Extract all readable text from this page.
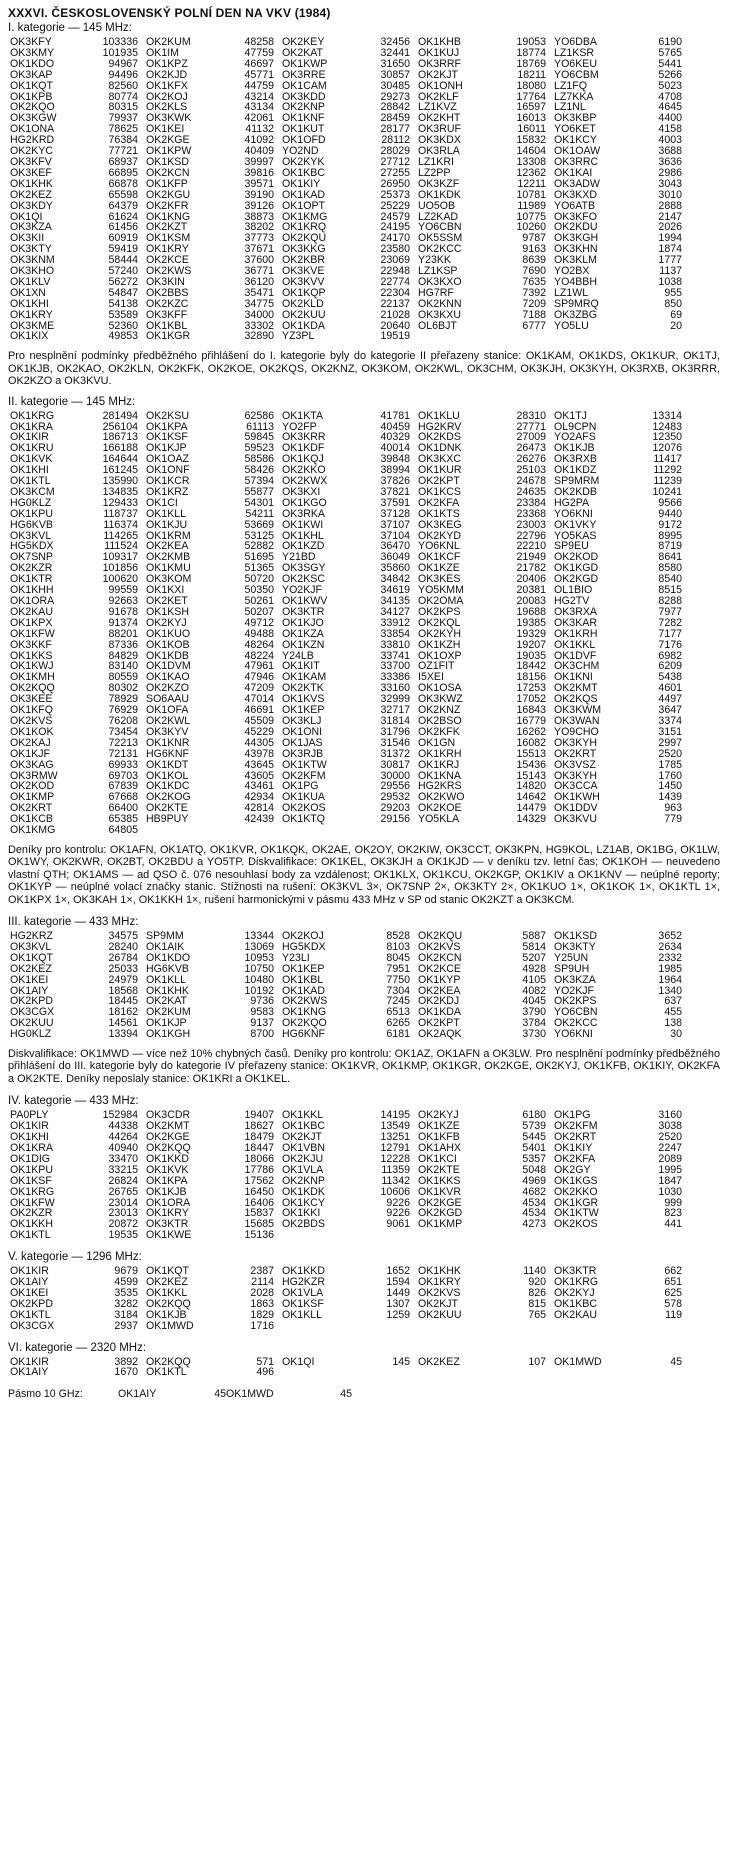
XXXVI. ČESKOSLOVENSKÝ POLNÍ DEN NA VKV (1984)
I. kategorie — 145 MHz:
OK3KFY	103336 OK2KUM	48258 OK2KEY	32456 OK1KHB	19053 YO6DBA	6190
OK3KMY	101935 OK1IM	47759 OK2KAT	32441 OK1KUJ	18774 LZ1KSR	5765
OK1KDO	94967 OK1KPZ	46697 OK1KWP	31650 OK3RRF	18769 YO6KEU	5441
OK3KAP	94496 OK2KJD	45771 OK3RRE	30857 OK2KJT	18211 YO6CBM	5266
OK1KQT	82560 OK1KFX	44759 OK1CAM	30485 OK1ONH	18080 LZ1FQ	5023
OK1KPB	80774 OK2KOJ	43214 OK3KDD	29273 OK2KLF	17764 LZ7KKA	4708
OK2KQO	80315 OK2KLS	43134 OK2KNP	28842 LZ1KVZ	16597 LZ1NL	4645
OK3KGW	79937 OK3KWK	42061 OK1KNF	28459 OK2KHT	16013 OK3KBP	4400
OK1ONA	78625 OK1KEI	41132 OK1KUT	28177 OK3RUF	16011 YO6KET	4158
HG2KRD	76384 OK2KGE	41092 OK1OFD	28112 OK3KDX	15832 OK1KCY	4003
OK2KYC	77721 OK1KPW	40409 YO2ND	28029 OK3RLA	14604 OK1OAW	3688
OK3KFV	68937 OK1KSD	39997 OK2KYK	27712 LZ1KRI	13308 OK3RRC	3636
OK3KEF	66895 OK2KCN	39816 OK1KBC	27255 LZ2PP	12362 OK1KAI	2986
OK1KHK	66878 OK1KFP	39571 OK1KIY	26950 OK3KZF	12211 OK3ADW	3043
OK2KEZ	65598 OK2KGU	39190 OK1KAD	25373 OK1KDK	10781 OK3KXD	3010
OK3KDY	64379 OK2KFR	39126 OK1OPT	25229 UO5OB	11989 YO6ATB	2888
OK1QI	61624 OK1KNG	38873 OK1KMG	24579 LZ2KAD	10775 OK3KFO	2147
OK3KZA	61456 OK2KZT	38202 OK1KRQ	24195 YO6CBN	10260 OK2KDU	2026
OK3KII	60919 OK1KSM	37773 OK2KQU	24170 OK5SSM	9787 OK3KGH	1994
OK3KTY	59419 OK1KRY	37671 OK3KKG	23580 OK2KCC	9163 OK3KHN	1874
OK3KNM	58444 OK2KCE	37600 OK2KBR	23069 Y23KK	8639 OK3KLM	1777
OK3KHO	57240 OK2KWS	36771 OK3KVE	22948 LZ1KSP	7690 YO2BX	1137
OK1KLV	56272 OK3KIN	36120 OK3KVV	22774 OK3KXO	7635 YO4BBH	1038
OK1XN	54847 OK2BBS	35471 OK1KQP	22304 HG7RF	7392 LZ1WL	955
OK1KHI	54138 OK2KZC	34775 OK2KLD	22137 OK2KNN	7209 SP9MRQ	850
OK1KRY	53589 OK3KFF	34000 OK2KUU	21028 OK3KXU	7188 OK3ZBG	69
OK3KME	52360 OK1KBL	33302 OK1KDA	20640 OL6BJT	6777 YO5LU	20
OK1KIX	49853 OK1KGR	32890 YZ3PL	19519
Pro nesplnění podmínky předběžného přihlášení do I. kategorie byly do kategorie II přeřazeny stanice: OK1KAM, OK1KDS, OK1KUR, OK1TJ, OK1KJB, OK2KAO, OK2KLN, OK2KFK, OK2KOE, OK2KQS, OK2KNZ, OK3KOM, OK2KWL, OK3CHM, OK3KJH, OK3KYH, OK3RXB, OK3RRR, OK2KZO a OK3KVU.
II. kategorie — 145 MHz:
OK1KRG	281494 OK2KSU	62586 OK1KTA	41781 OK1KLU	28310 OK1TJ	13314
OK1KRA	256104 OK1KPA	61113 YO2FP	40459 HG2KRV	27771 OL9CPN	12483
OK1KIR	186713 OK1KSF	59845 OK3KRR	40329 OK2KDS	27009 YO2AFS	12350
OK1KRU	166188 OK1KJP	59523 OK1KDF	40014 OK1DNK	26473 OK1KJB	12076
OK1KVK	164644 OK1OAZ	58586 OK1KQJ	39848 OK3KXC	26276 OK3RXB	11417
OK1KHI	161245 OK1ONF	58426 OK2KKO	38994 OK1KUR	25103 OK1KDZ	11292
OK1KTL	135990 OK1KCR	57394 OK2KWX	37826 OK2KPT	24678 SP9MRM	11239
OK3KCM	134835 OK1KRZ	55877 OK3KXI	37821 OK1KCS	24635 OK2KDB	10241
HG0KLZ	129433 OK1CI	54301 OK1KGO	37591 OK2KFA	23384 HG2PA	9566
OK1KPU	118737 OK1KLL	54211 OK3RKA	37128 OK1KTS	23368 YO6KNI	9440
HG6KVB	116374 OK1KJU	53669 OK1KWI	37107 OK3KEG	23003 OK1VKY	9172
OK3KVL	114265 OK1KRM	53125 OK1KHL	37104 OK2KYD	22796 YO5KAS	8995
HG5KDX	111524 OK2KEA	52882 OK1KZD	36470 YO6KNL	22210 SP9EU	8719
OK7SNP	109317 OK2KMB	51695 Y21BD	36049 OK1KCF	21949 OK2KOD	8641
OK2KZR	101856 OK1KMU	51365 OK3SGY	35860 OK1KZE	21782 OK1KGD	8580
OK1KTR	100620 OK3KOM	50720 OK2KSC	34842 OK3KES	20406 OK2KGD	8540
OK1KHH	99559 OK1KXI	50350 YO2KJF	34619 YO5KMM	20381 OL1BIO	8515
OK1ORA	92663 OK2KET	50261 OK1KWV	34135 OK2OMA	20083 HG2TV	8288
OK2KAU	91678 OK1KSH	50207 OK3KTR	34127 OK2KPS	19688 OK3RXA	7977
OK1KPX	91374 OK2KYJ	49712 OK1KJO	33912 OK2KQL	19385 OK3KAR	7282
OK1KFW	88201 OK1KUO	49488 OK1KZA	33854 OK2KYH	19329 OK1KRH	7177
OK3KKF	87336 OK1KOB	48264 OK1KZN	33810 OK1KZH	19207 OK1KKL	7176
OK1KKS	84829 OK1KDB	48224 Y24LB	33741 OK1OXP	19035 OK1DVF	6982
OK1KWJ	83140 OK1DVM	47961 OK1KIT	33700 OZ1FIT	18442 OK3CHM	6209
OK1KMH	80559 OK1KAO	47946 OK1KAM	33386 I5XEI	18156 OK1KNI	5438
OK2KQQ	80302 OK2KZO	47209 OK2KTK	33160 OK1OSA	17253 OK2KMT	4601
OK3KEE	78929 SO6AAU	47014 OK1KVS	32999 OK3KWZ	17052 OK2KQS	4497
OK1KFQ	76929 OK1OFA	46691 OK1KEP	32717 OK2KNZ	16843 OK3KWM	3647
OK2KVS	76208 OK2KWL	45509 OK3KLJ	31814 OK2BSO	16779 OK3WAN	3374
OK1KOK	73454 OK3KYV	45229 OK1ONI	31796 OK2KFK	16262 YO9CHO	3151
OK2KAJ	72213 OK1KNR	44305 OK1JAS	31546 OK1GN	16082 OK3KYH	2997
OK1KJF	72131 HG6KNF	43978 OK3RJB	31372 OK1KRH	15513 OK2KRT	2520
OK3KAG	69933 OK1KDT	43645 OK1KTW	30817 OK1KRJ	15436 OK3VSZ	1785
OK3RMW	69703 OK1KOL	43605 OK2KFM	30000 OK1KNA	15143 OK3KYH	1760
OK2KOD	67839 OK1KDC	43461 OK1PG	29556 HG2KRS	14820 OK3CCA	1450
OK1KMP	67668 OK2KOG	42934 OK1KUA	29532 OK2KWO	14642 OK1KWH	1439
OK2KRT	66400 OK2KTE	42814 OK2KOS	29203 OK2KOE	14479 OK1DDV	963
OK1KCB	65385 HB9PUY	42439 OK1KTQ	29156 YO5KLA	14329 OK3KVU	779
OK1KMG	64805
Deníky pro kontrolu: OK1AFN, OK1ATQ, OK1KVR, OK1KQK, OK2AE, OK2OY, OK2KIW, OK3CCT, OK3KPN, HG9KOL, LZ1AB, OK1BG, OK1LW, OK1WY, OK2KWR, OK2BT, OK2BDU a YO5TP. Diskvalifikace: OK1KEL, OK3KJH a OK1KJD — v deníku tzv. letní čas; OK1KOH — neuvedeno vlastní QTH; OK1AMS — ad QSO č. 076 nesouhlasí body za vzdálenost; OK1KLX, OK1KCU, OK2KGP, OK1KIV a OK1KNV — neúplné reporty; OK1KYP — neúplné volací značky stanic. Stížnosti na rušení: OK3KVL 3×, OK7SNP 2×, OK3KTY 2×, OK1KUO 1×, OK1KOK 1×, OK1KTL 1×, OK1KPX 1×, OK3KAH 1×, OK1KKH 1×, rušení harmonickými v pásmu 433 MHz v SP od stanic OK2KZT a OK3KCM.
III. kategorie — 433 MHz:
HG2KRZ	34575 SP9MM	13344 OK2KOJ	8528 OK2KQU	5887 OK1KSD	3652
OK3KVL	28240 OK1AIK	13069 HG5KDX	8103 OK2KVS	5814 OK3KTY	2634
OK1KQT	26784 OK1KDO	10953 Y23LI	8045 OK2KCN	5207 Y25UN	2332
OK2KEZ	25033 HG6KVB	10750 OK1KEP	7951 OK2KCE	4928 SP9UH	1985
OK1KEI	24979 OK1KLL	10480 OK1KBL	7750 OK1KYP	4105 OK3KZA	1964
OK1AIY	18568 OK1KHK	10192 OK1KAD	7304 OK2KEA	4082 YO2KJF	1340
OK2KPD	18445 OK2KAT	9736 OK2KWS	7245 OK2KDJ	4045 OK2KPS	637
OK3CGX	18162 OK2KUM	9583 OK1KNG	6513 OK1KDA	3790 YO6CBN	455
OK2KUU	14561 OK1KJP	9137 OK2KQO	6265 OK2KPT	3784 OK2KCC	138
HG0KLZ	13394 OK1KGH	8700 HG6KNF	6181 OK2AQK	3730 YO6KNI	30
Diskvalifikace: OK1MWD — více než 10% chybných časů. Deníky pro kontrolu: OK1AZ, OK1AFN a OK3LW. Pro nesplnění podmínky předběžného přihlášení do III. kategorie byly do kategorie IV přeřazeny stanice: OK1KVR, OK1KMP, OK1KGR, OK2KGE, OK2KYJ, OK1KFB, OK1KIY, OK2KFA a OK2KTE. Deníky neposlaly stanice: OK1KRI a OK1KEL.
IV. kategorie — 433 MHz:
PA0PLY	152984 OK3CDR	19407 OK1KKL	14195 OK2KYJ	6180 OK1PG	3160
OK1KIR	44338 OK2KMT	18627 OK1KBC	13549 OK1KZE	5739 OK2KFM	3038
OK1KHI	44264 OK2KGE	18479 OK2KJT	13251 OK1KFB	5445 OK2KRT	2520
OK1KRA	40940 OK2KQQ	18447 OK1VBN	12791 OK1AHX	5401 OK1KIY	2247
OK1DIG	33470 OK1KKD	18066 OK2KJU	12228 OK1KCI	5357 OK2KFA	2089
OK1KPU	33215 OK1KVK	17786 OK1VLA	11359 OK2KTE	5048 OK2GY	1995
OK1KSF	26824 OK1KPA	17562 OK2KNP	11342 OK1KKS	4969 OK1KGS	1847
OK1KRG	26765 OK1KJB	16450 OK1KDK	10606 OK1KVR	4682 OK2KKO	1030
OK1KFW	23014 OK1ORA	16406 OK1KCY	9226 OK2KGE	4534 OK1KGR	999
OK2KZR	23013 OK1KRY	15837 OK1KKI	9226 OK2KGD	4534 OK1KTW	823
OK1KKH	20872 OK3KTR	15685 OK2BDS	9061 OK1KMP	4273 OK2KOS	441
OK1KTL	19535 OK1KWE	15136
V. kategorie — 1296 MHz:
OK1KIR	9679 OK1KQT	2387 OK1KKD	1652 OK1KHK	1140 OK3KTR	662
OK1AIY	4599 OK2KEZ	2114 HG2KZR	1594 OK1KRY	920 OK1KRG	651
OK1KEI	3535 OK1KKL	2028 OK1VLA	1449 OK2KVS	826 OK2KYJ	625
OK2KPD	3282 OK2KQQ	1863 OK1KSF	1307 OK2KJT	815 OK1KBC	578
OK1KTL	3184 OK1KJB	1829 OK1KLL	1259 OK2KUU	765 OK2KAU	119
OK3CGX	2937 OK1MWD	1716
VI. kategorie — 2320 MHz:
OK1KIR	3892 OK2KQQ	571 OK1QI	145 OK2KEZ	107 OK1MWD	45
OK1AIY	1670 OK1KTL	496
Pásmo 10 GHz:	OK1AIY	45 OK1MWD	45
